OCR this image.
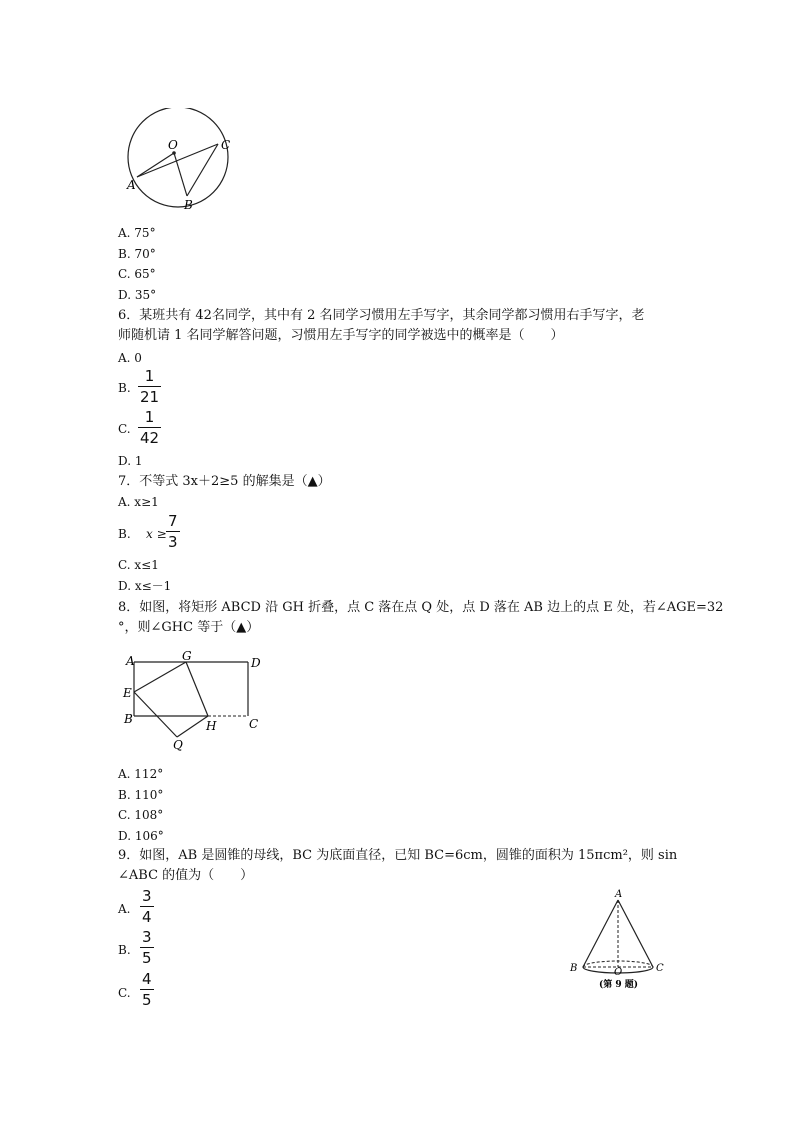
O
A
B
C
A. 75°
B. 70°
C. 65°
D. 35°
6．某班共有 42名同学，其中有 2 名同学习惯用左手写字，其余同学都习惯用右手写字，老
师随机请 1 名同学解答问题，习惯用左手写字的同学被选中的概率是（　　）
A. 0
B.
1
21
C.
1
42
D. 1
7．不等式 3x＋2≥5 的解集是（▲）
A. x≥1
B. x ≥
7
3
C. x≤1
D. x≤－1
8．如图，将矩形 ABCD 沿 GH 折叠，点 C 落在点 Q 处，点 D 落在 AB 边上的点 E 处，若∠AGE=32
°，则∠GHC 等于（▲）
A	G	D
E
B	H	C
Q
A. 112°
B. 110°
C. 108°
D. 106°
9．如图，AB 是圆锥的母线，BC 为底面直径，已知 BC=6cm，圆锥的面积为 15πcm²，则 sin
∠ABC 的值为（　　）
A.
3
4
B.
3
5
C.
4
5
A
B	O	C
(第 9 题)
